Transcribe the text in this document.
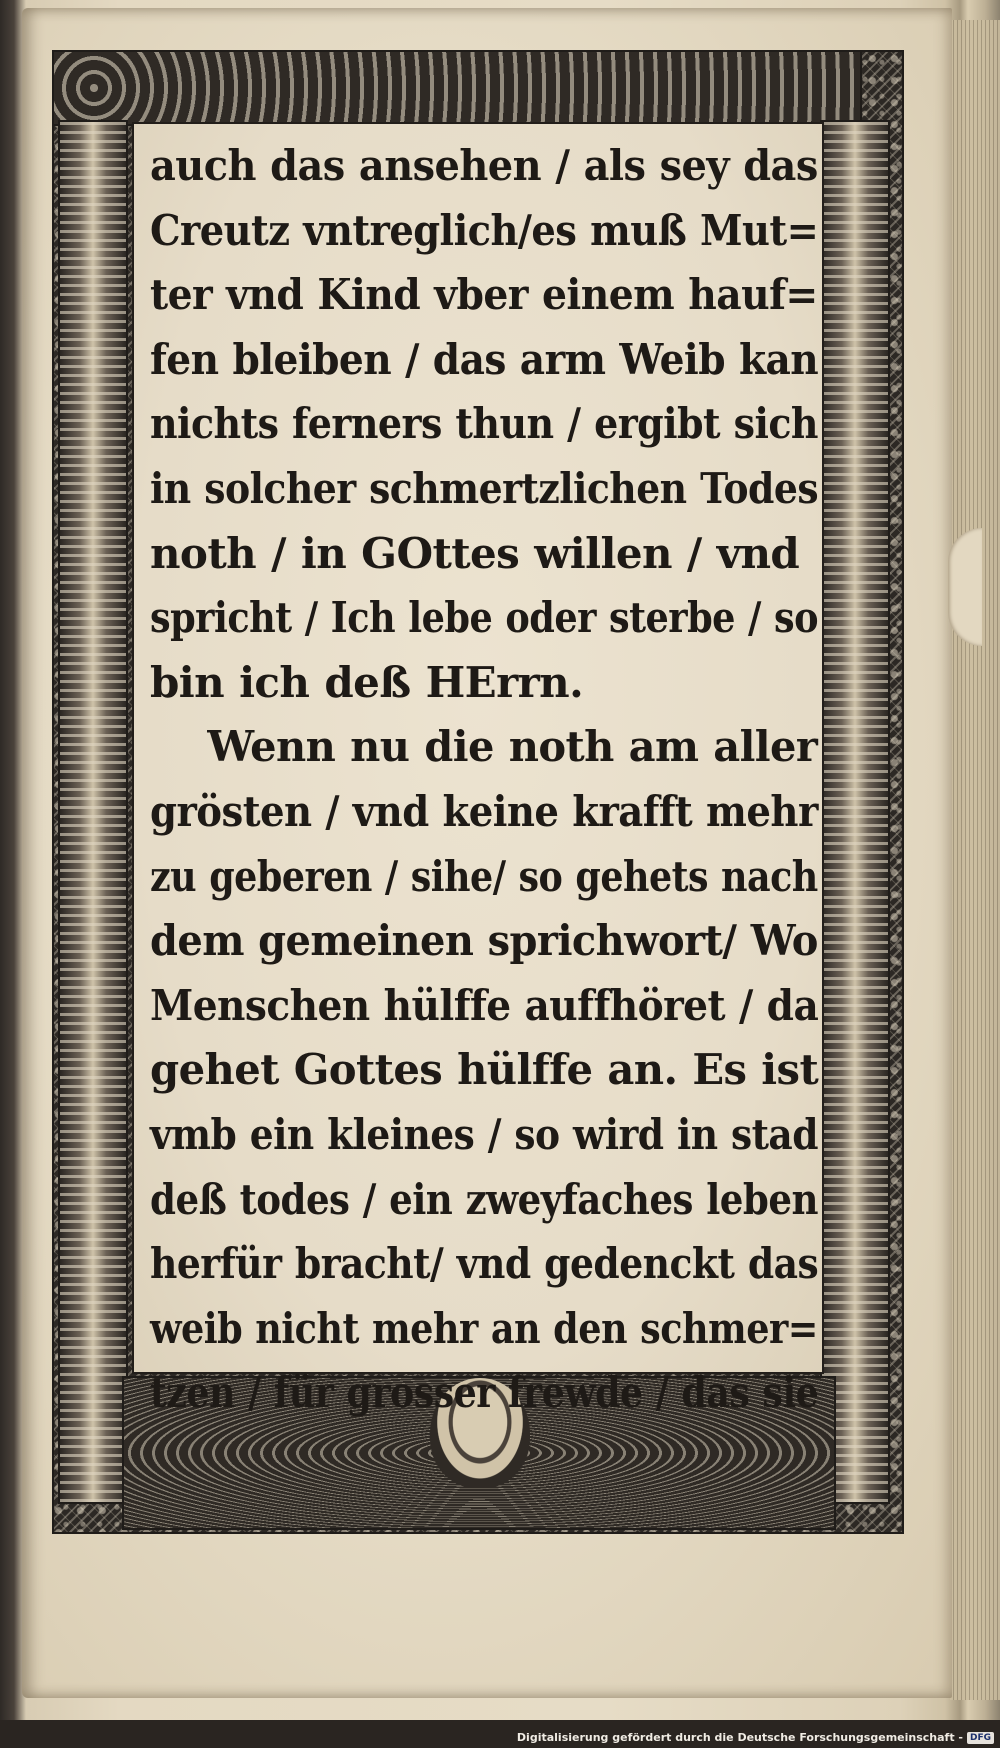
auch das ansehen / als sey das
Creutz vntreglich/es muß Mut=
ter vnd Kind vber einem hauf=
fen bleiben / das arm Weib kan
nichts ferners thun / ergibt sich
in solcher schmertzlichen Todes
noth / in GOttes willen / vnd
spricht / Ich lebe oder sterbe / so
bin ich deß HErrn.
Wenn nu die noth am aller
grösten / vnd keine krafft mehr
zu geberen / sihe/ so gehets nach
dem gemeinen sprichwort/ Wo
Menschen hülffe auffhöret / da
gehet Gottes hülffe an. Es ist
vmb ein kleines / so wird in stad
deß todes / ein zweyfaches leben
herfür bracht/ vnd gedenckt das
weib nicht mehr an den schmer=
tzen / für grosser frewde / das sie
Digitalisierung gefördert durch die Deutsche Forschungsgemeinschaft - DFG
